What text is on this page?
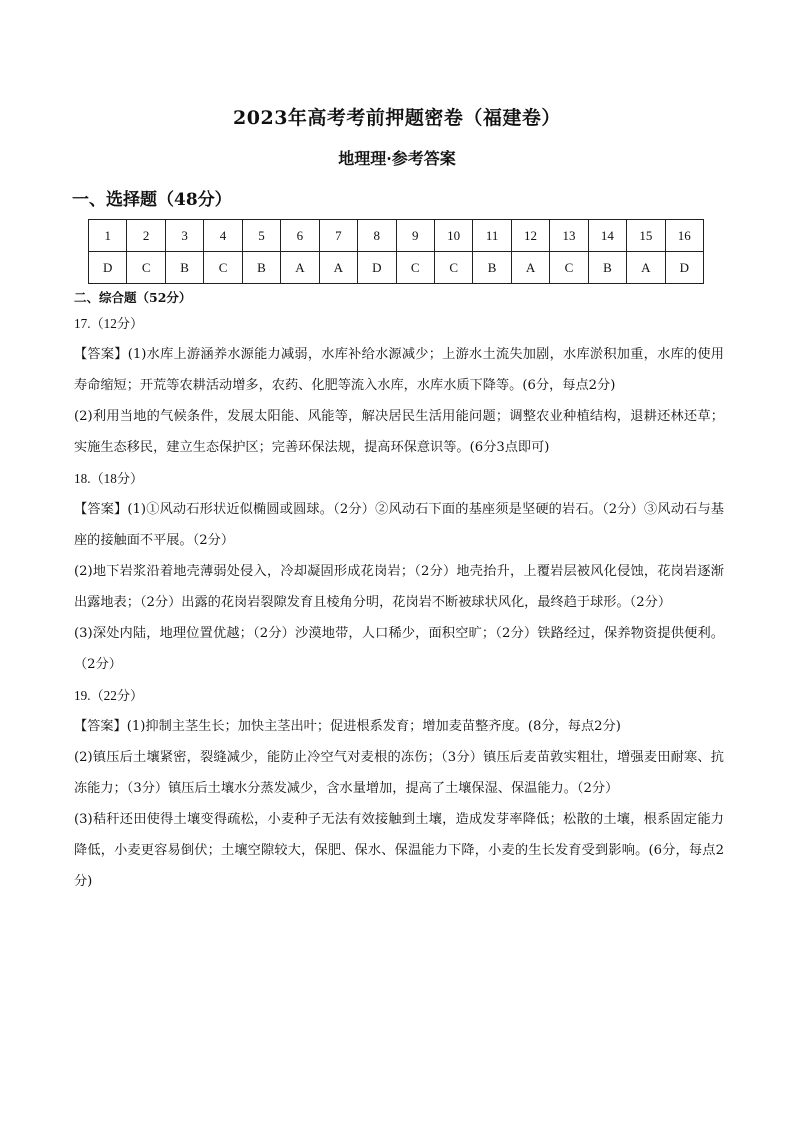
2023年高考考前押题密卷（福建卷）
地理理·参考答案
一、选择题（48分）
1	2	3	4	5	6	7	8	9	10	11	12	13	14	15	16
D	C	B	C	B	A	A	D	C	C	B	A	C	B	A	D
二、综合题（52分）

17.（12分）

【答案】(1)水库上游涵养水源能力减弱，水库补给水源减少；上游水土流失加剧，水库淤积加重，水库的使用寿命缩短；开荒等农耕活动增多，农药、化肥等流入水库，水库水质下降等。(6分，每点2分)

(2)利用当地的气候条件，发展太阳能、风能等，解决居民生活用能问题；调整农业种植结构，退耕还林还草；实施生态移民，建立生态保护区；完善环保法规，提高环保意识等。(6分3点即可)

18.（18分）

【答案】(1)①风动石形状近似椭圆或圆球。（2分）②风动石下面的基座须是坚硬的岩石。（2分）③风动石与基座的接触面不平展。（2分）

(2)地下岩浆沿着地壳薄弱处侵入，冷却凝固形成花岗岩；（2分）地壳抬升，上覆岩层被风化侵蚀，花岗岩逐渐出露地表；（2分）出露的花岗岩裂隙发育且棱角分明，花岗岩不断被球状风化，最终趋于球形。（2分）

(3)深处内陆，地理位置优越；（2分）沙漠地带，人口稀少，面积空旷；（2分）铁路经过，保养物资提供便利。（2分）

19.（22分）

【答案】(1)抑制主茎生长；加快主茎出叶；促进根系发育；增加麦苗整齐度。(8分，每点2分)

(2)镇压后土壤紧密，裂缝减少，能防止冷空气对麦根的冻伤；（3分）镇压后麦苗敦实粗壮，增强麦田耐寒、抗冻能力；（3分）镇压后土壤水分蒸发减少，含水量增加，提高了土壤保湿、保温能力。（2分）

(3)秸秆还田使得土壤变得疏松，小麦种子无法有效接触到土壤，造成发芽率降低；松散的土壤，根系固定能力降低，小麦更容易倒伏；土壤空隙较大，保肥、保水、保温能力下降，小麦的生长发育受到影响。(6分，每点2分)
